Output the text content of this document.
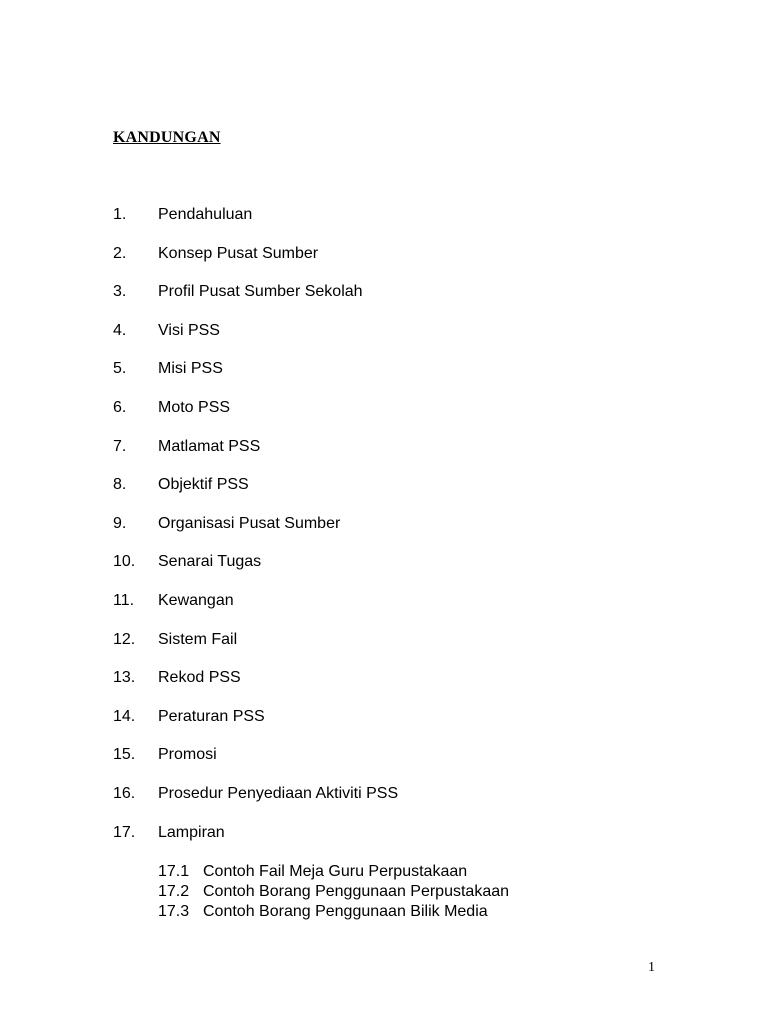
KANDUNGAN
1.	Pendahuluan
2.	Konsep Pusat Sumber
3.	Profil Pusat Sumber Sekolah
4.	Visi PSS
5.	Misi PSS
6.	Moto PSS
7.	Matlamat PSS
8.	Objektif PSS
9.	Organisasi Pusat Sumber
10.	Senarai Tugas
11.	Kewangan
12.	Sistem Fail
13.	Rekod PSS
14.	Peraturan PSS
15.	Promosi
16.	Prosedur Penyediaan Aktiviti PSS
17.	Lampiran
17.1 Contoh Fail Meja Guru Perpustakaan
17.2 Contoh Borang Penggunaan Perpustakaan
17.3 Contoh Borang Penggunaan Bilik Media
1
